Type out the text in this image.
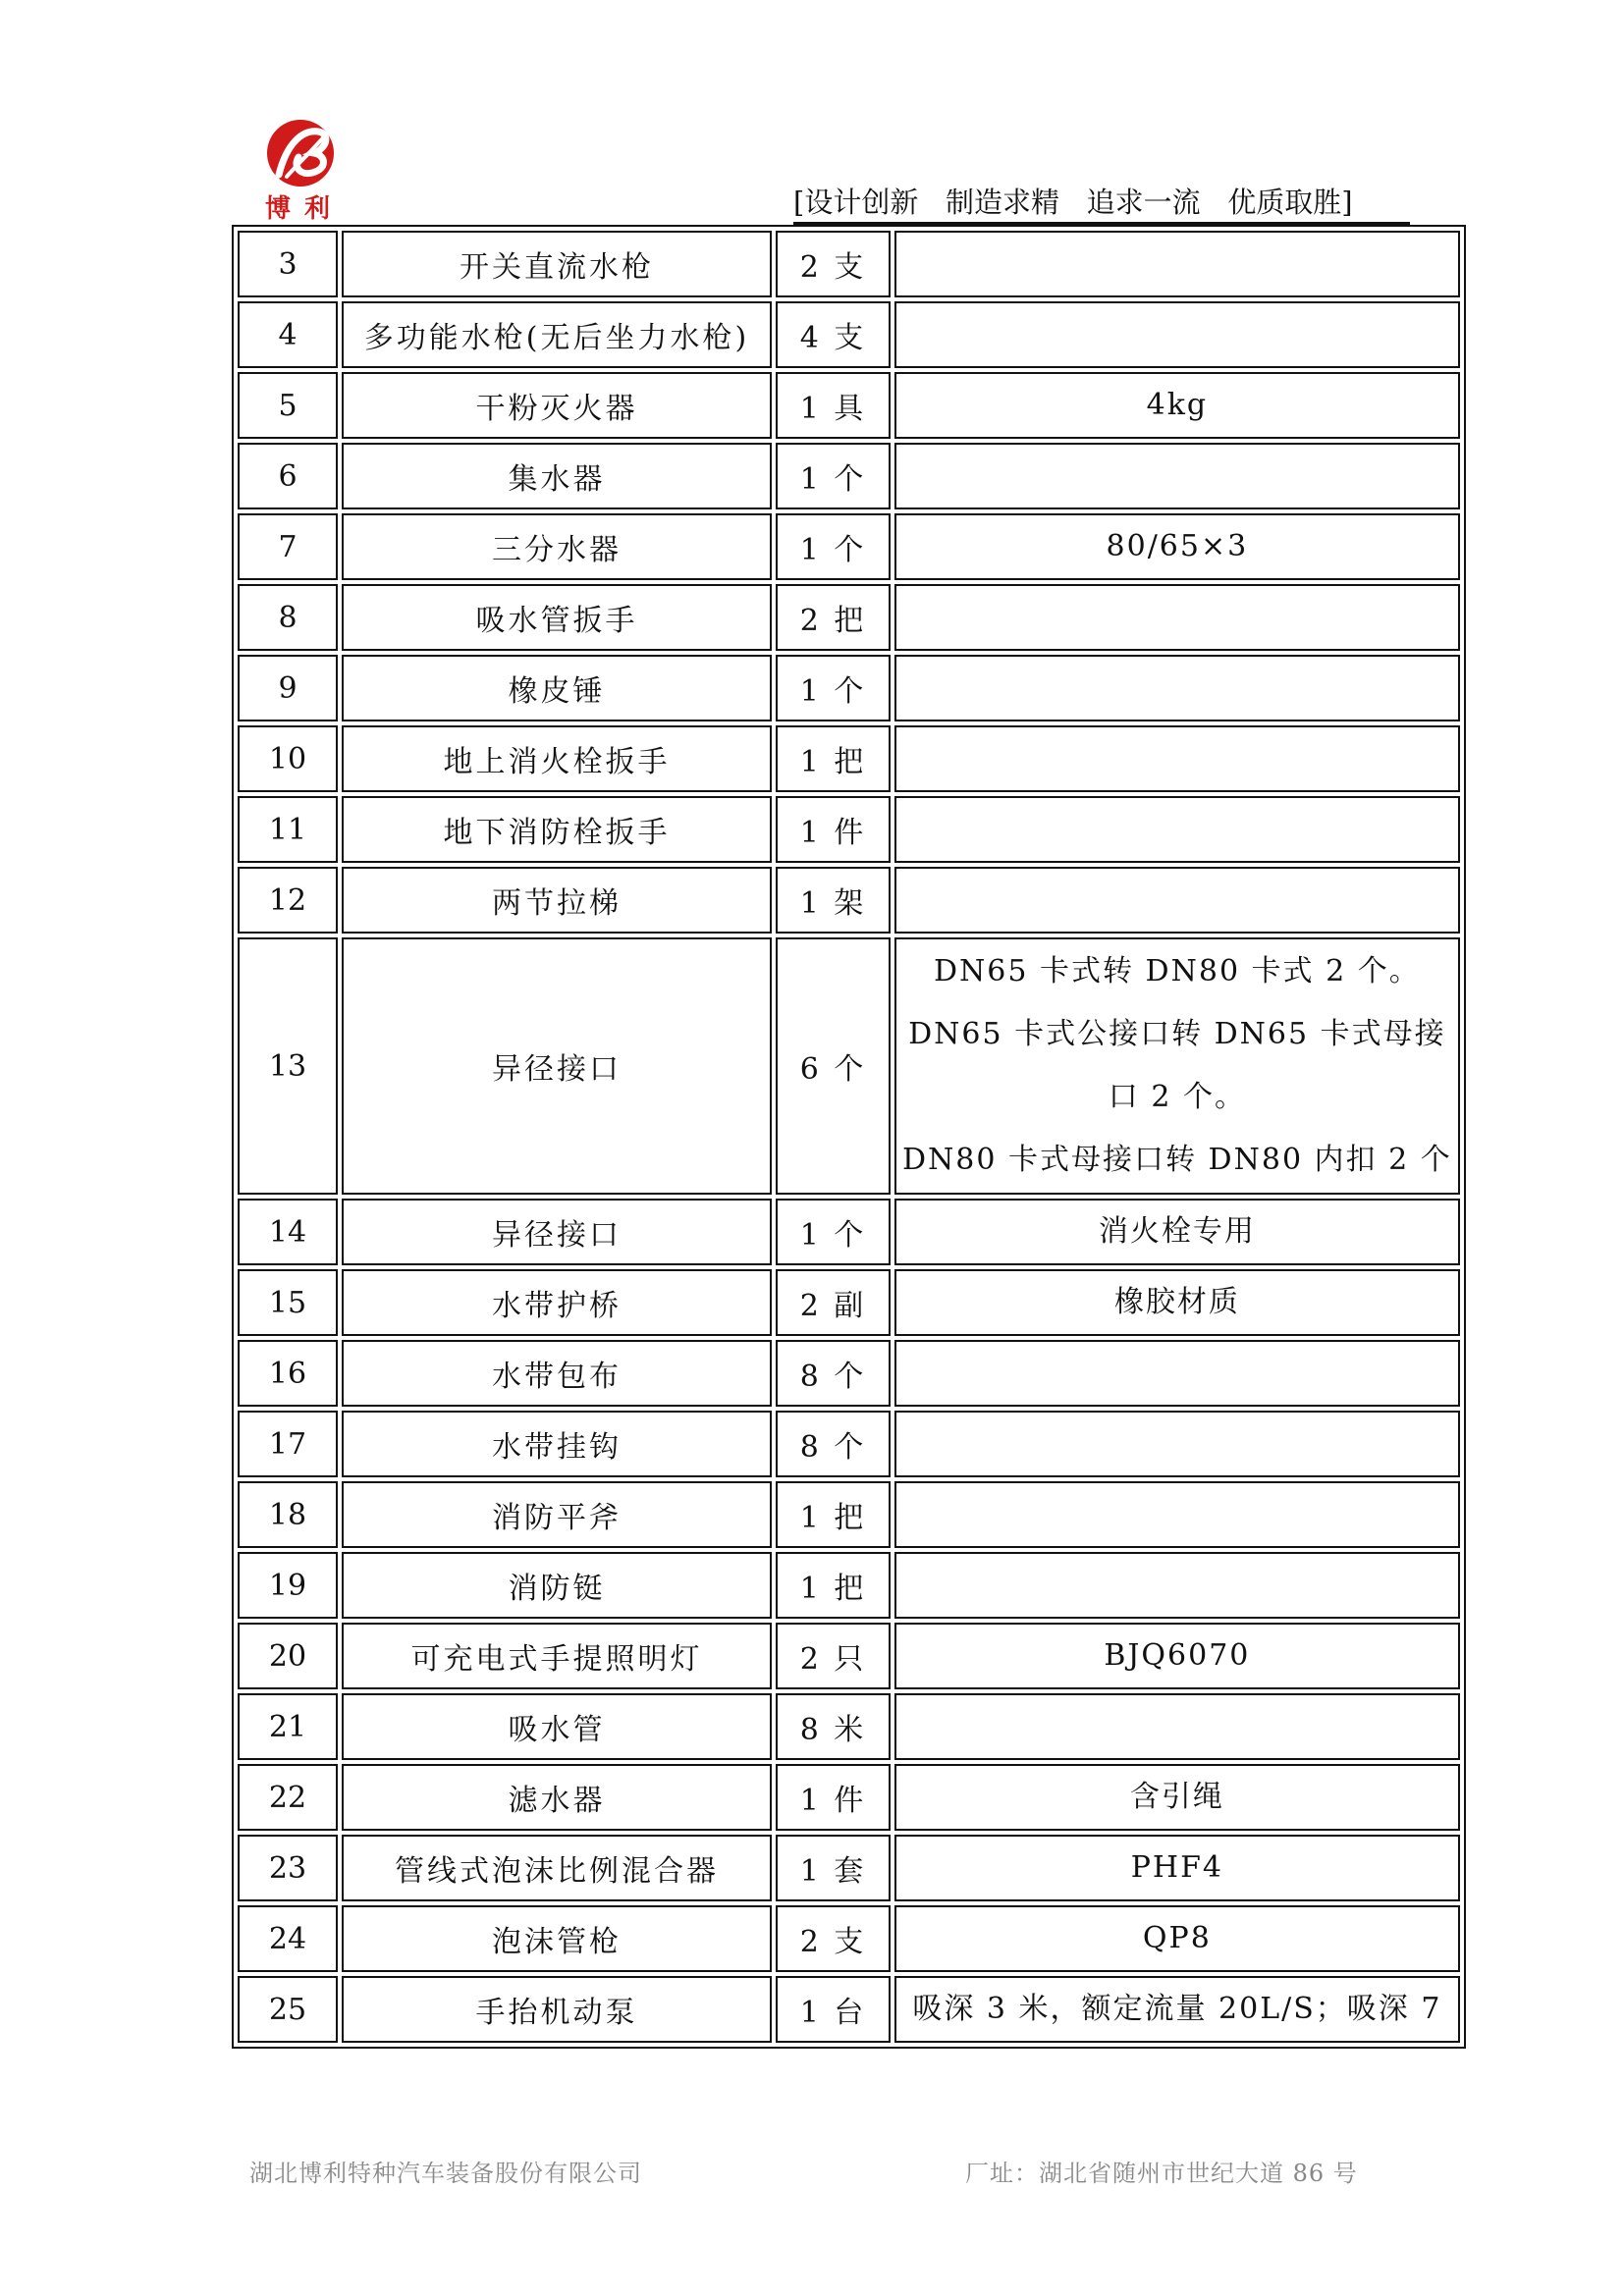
博利	[设计创新   制造求精   追求一流   优质取胜]
3	开关直流水枪	2 支	
4	多功能水枪(无后坐力水枪)	4 支	
5	干粉灭火器	1 具	4kg

6	集水器	1 个	
7	三分水器	1 个	80/65×3

8	吸水管扳手	2 把	
9	橡皮锤	1 个	
10	地上消火栓扳手	1 把	
11	地下消防栓扳手	1 件	
12	两节拉梯	1 架	
13	异径接口	6 个	DN65 卡式转 DN80 卡式 2 个。
DN65 卡式公接口转 DN65 卡式母接
口 2 个。
DN80 卡式母接口转 DN80 内扣 2 个

14	异径接口	1 个	消火栓专用

15	水带护桥	2 副	橡胶材质

16	水带包布	8 个	
17	水带挂钩	8 个	
18	消防平斧	1 把	
19	消防铤	1 把	
20	可充电式手提照明灯	2 只	BJQ6070

21	吸水管	8 米	
22	滤水器	1 件	含引绳

23	管线式泡沫比例混合器	1 套	PHF4

24	泡沫管枪	2 支	QP8

25	手抬机动泵	1 台	吸深 3 米，额定流量 20L/S；吸深 7
湖北博利特种汽车装备股份有限公司	厂址：湖北省随州市世纪大道 86 号
